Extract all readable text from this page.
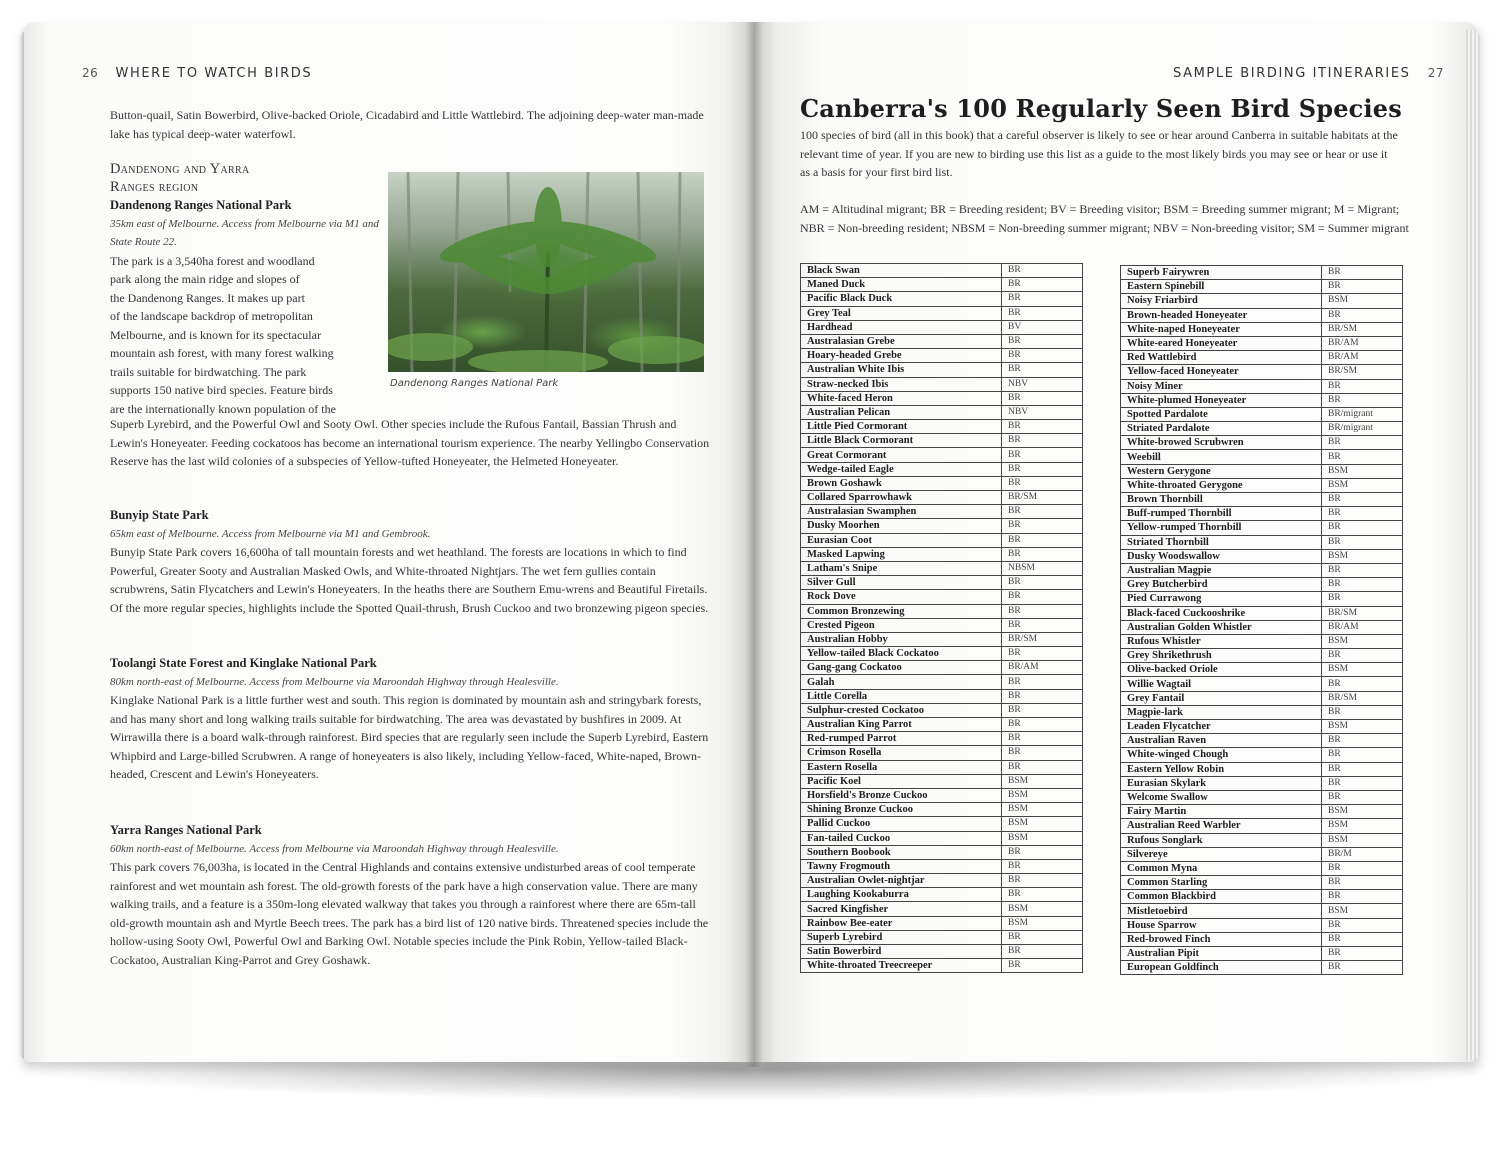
26 WHERE TO WATCH BIRDS

Button-quail, Satin Bowerbird, Olive-backed Oriole, Cicadabird and Little Wattlebird. The adjoining deep-water man-made lake has typical deep-water waterfowl.

Dandenong and Yarra
Ranges region

Dandenong Ranges National Park

35km east of Melbourne. Access from Melbourne via M1 and State Route 22.

The park is a 3,540ha forest and woodland
park along the main ridge and slopes of
the Dandenong Ranges. It makes up part
of the landscape backdrop of metropolitan
Melbourne, and is known for its spectacular
mountain ash forest, with many forest walking
trails suitable for birdwatching. The park
supports 150 native bird species. Feature birds
are the internationally known population of the
Dandenong Ranges National Park

Superb Lyrebird, and the Powerful Owl and Sooty Owl. Other species include the Rufous Fantail, Bassian Thrush and Lewin's Honeyeater. Feeding cockatoos has become an international tourism experience. The nearby Yellingbo Conservation Reserve has the last wild colonies of a subspecies of Yellow-tufted Honeyeater, the Helmeted Honeyeater.

Bunyip State Park

65km east of Melbourne. Access from Melbourne via M1 and Gembrook.

Bunyip State Park covers 16,600ha of tall mountain forests and wet heathland. The forests are locations in which to find Powerful, Greater Sooty and Australian Masked Owls, and White-throated Nightjars. The wet fern gullies contain scrubwrens, Satin Flycatchers and Lewin's Honeyeaters. In the heaths there are Southern Emu-wrens and Beautiful Firetails. Of the more regular species, highlights include the Spotted Quail-thrush, Brush Cuckoo and two bronzewing pigeon species.

Toolangi State Forest and Kinglake National Park

80km north-east of Melbourne. Access from Melbourne via Maroondah Highway through Healesville.

Kinglake National Park is a little further west and south. This region is dominated by mountain ash and stringybark forests, and has many short and long walking trails suitable for birdwatching. The area was devastated by bushfires in 2009. At Wirrawilla there is a board walk-through rainforest. Bird species that are regularly seen include the Superb Lyrebird, Eastern Whipbird and Large-billed Scrubwren. A range of honeyeaters is also likely, including Yellow-faced, White-naped, Brown-headed, Crescent and Lewin's Honeyeaters.

Yarra Ranges National Park

60km north-east of Melbourne. Access from Melbourne via Maroondah Highway through Healesville.

This park covers 76,003ha, is located in the Central Highlands and contains extensive undisturbed areas of cool temperate rainforest and wet mountain ash forest. The old-growth forests of the park have a high conservation value. There are many walking trails, and a feature is a 350m-long elevated walkway that takes you through a rainforest where there are 65m-tall old-growth mountain ash and Myrtle Beech trees. The park has a bird list of 120 native birds. Threatened species include the hollow-using Sooty Owl, Powerful Owl and Barking Owl. Notable species include the Pink Robin, Yellow-tailed Black-Cockatoo, Australian King-Parrot and Grey Goshawk.

SAMPLE BIRDING ITINERARIES 27
Canberra's 100 Regularly Seen Bird Species

100 species of bird (all in this book) that a careful observer is likely to see or hear around Canberra in suitable habitats at the relevant time of year. If you are new to birding use this list as a guide to the most likely birds you may see or hear or use it as a basis for your first bird list.

AM = Altitudinal migrant; BR = Breeding resident; BV = Breeding visitor; BSM = Breeding summer migrant; M = Migrant; NBR = Non-breeding resident; NBSM = Non-breeding summer migrant; NBV = Non-breeding visitor; SM = Summer migrant

Black Swan	BR
Maned Duck	BR
Pacific Black Duck	BR
Grey Teal	BR
Hardhead	BV
Australasian Grebe	BR
Hoary-headed Grebe	BR
Australian White Ibis	BR
Straw-necked Ibis	NBV
White-faced Heron	BR
Australian Pelican	NBV
Little Pied Cormorant	BR
Little Black Cormorant	BR
Great Cormorant	BR
Wedge-tailed Eagle	BR
Brown Goshawk	BR
Collared Sparrowhawk	BR/SM
Australasian Swamphen	BR
Dusky Moorhen	BR
Eurasian Coot	BR
Masked Lapwing	BR
Latham's Snipe	NBSM
Silver Gull	BR
Rock Dove	BR
Common Bronzewing	BR
Crested Pigeon	BR
Australian Hobby	BR/SM
Yellow-tailed Black Cockatoo	BR
Gang-gang Cockatoo	BR/AM
Galah	BR
Little Corella	BR
Sulphur-crested Cockatoo	BR
Australian King Parrot	BR
Red-rumped Parrot	BR
Crimson Rosella	BR
Eastern Rosella	BR
Pacific Koel	BSM
Horsfield's Bronze Cuckoo	BSM
Shining Bronze Cuckoo	BSM
Pallid Cuckoo	BSM
Fan-tailed Cuckoo	BSM
Southern Boobook	BR
Tawny Frogmouth	BR
Australian Owlet-nightjar	BR
Laughing Kookaburra	BR
Sacred Kingfisher	BSM
Rainbow Bee-eater	BSM
Superb Lyrebird	BR
Satin Bowerbird	BR
White-throated Treecreeper	BR
Superb Fairywren	BR
Eastern Spinebill	BR
Noisy Friarbird	BSM
Brown-headed Honeyeater	BR
White-naped Honeyeater	BR/SM
White-eared Honeyeater	BR/AM
Red Wattlebird	BR/AM
Yellow-faced Honeyeater	BR/SM
Noisy Miner	BR
White-plumed Honeyeater	BR
Spotted Pardalote	BR/migrant
Striated Pardalote	BR/migrant
White-browed Scrubwren	BR
Weebill	BR
Western Gerygone	BSM
White-throated Gerygone	BSM
Brown Thornbill	BR
Buff-rumped Thornbill	BR
Yellow-rumped Thornbill	BR
Striated Thornbill	BR
Dusky Woodswallow	BSM
Australian Magpie	BR
Grey Butcherbird	BR
Pied Currawong	BR
Black-faced Cuckooshrike	BR/SM
Australian Golden Whistler	BR/AM
Rufous Whistler	BSM
Grey Shrikethrush	BR
Olive-backed Oriole	BSM
Willie Wagtail	BR
Grey Fantail	BR/SM
Magpie-lark	BR
Leaden Flycatcher	BSM
Australian Raven	BR
White-winged Chough	BR
Eastern Yellow Robin	BR
Eurasian Skylark	BR
Welcome Swallow	BR
Fairy Martin	BSM
Australian Reed Warbler	BSM
Rufous Songlark	BSM
Silvereye	BR/M
Common Myna	BR
Common Starling	BR
Common Blackbird	BR
Mistletoebird	BSM
House Sparrow	BR
Red-browed Finch	BR
Australian Pipit	BR
European Goldfinch	BR
